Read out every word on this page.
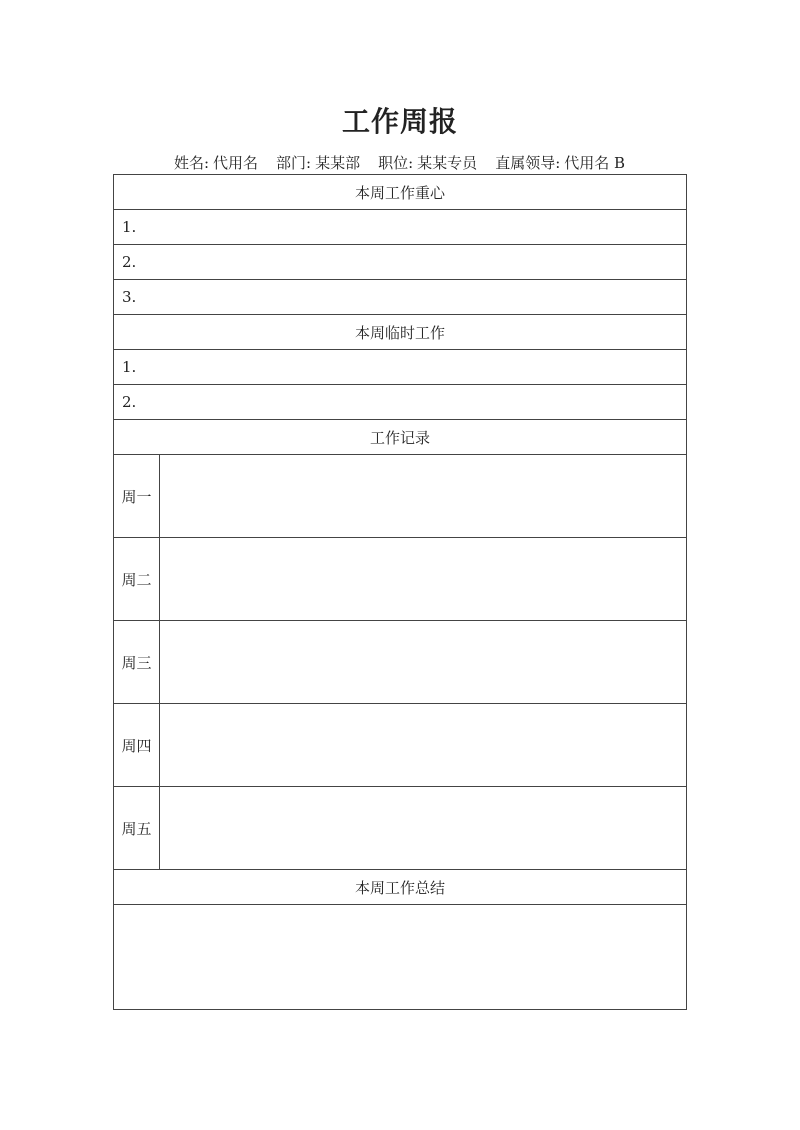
工作周报
姓名: 代用名 部门: 某某部 职位: 某某专员 直属领导: 代用名 B
本周工作重心	
1.	
2.	
3.	
本周临时工作	
1.	
2.	
工作记录	
周一	
周二	
周三	
周四	
周五	
本周工作总结	
